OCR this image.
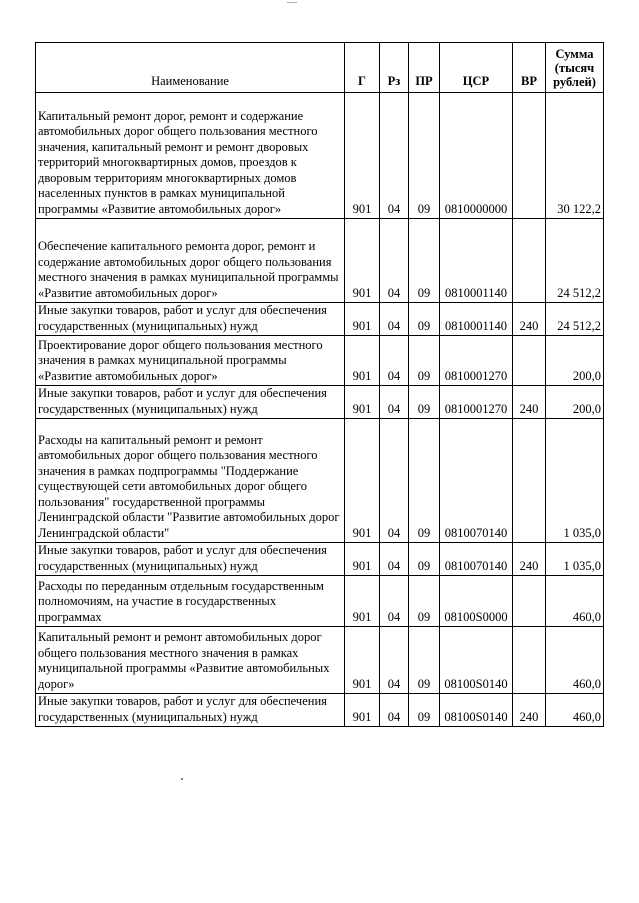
—
Наименование	Г	Рз	ПР	ЦСР	ВР	Сумма (тысяч рублей)
Капитальный ремонт дорог, ремонт и содержание автомобильных дорог общего пользования местного значения, капитальный ремонт и ремонт дворовых территорий многоквартирных домов, проездов к дворовым территориям многоквартирных домов населенных пунктов в рамках муниципальной программы «Развитие автомобильных дорог»	901	04	09	0810000000		30 122,2
Обеспечение капитального ремонта дорог, ремонт и содержание автомобильных дорог общего пользования местного значения в рамках муниципальной программы «Развитие автомобильных дорог»	901	04	09	0810001140		24 512,2
Иные закупки товаров, работ и услуг для обеспечения государственных (муниципальных) нужд	901	04	09	0810001140	240	24 512,2
Проектирование дорог общего пользования местного значения в рамках муниципальной программы «Развитие автомобильных дорог»	901	04	09	0810001270		200,0
Иные закупки товаров, работ и услуг для обеспечения государственных (муниципальных) нужд	901	04	09	0810001270	240	200,0
Расходы на капитальный ремонт и ремонт автомобильных дорог общего пользования местного значения в рамках подпрограммы "Поддержание существующей сети автомобильных дорог общего пользования" государственной программы Ленинградской области "Развитие автомобильных дорог Ленинградской области"	901	04	09	0810070140		1 035,0
Иные закупки товаров, работ и услуг для обеспечения государственных (муниципальных) нужд	901	04	09	0810070140	240	1 035,0
Расходы по переданным отдельным государственным полномочиям, на участие в государственных программах	901	04	09	08100S0000		460,0
Капитальный ремонт и ремонт автомобильных дорог общего пользования местного значения в рамках муниципальной программы «Развитие автомобильных дорог»	901	04	09	08100S0140		460,0
Иные закупки товаров, работ и услуг для обеспечения государственных (муниципальных) нужд	901	04	09	08100S0140	240	460,0
